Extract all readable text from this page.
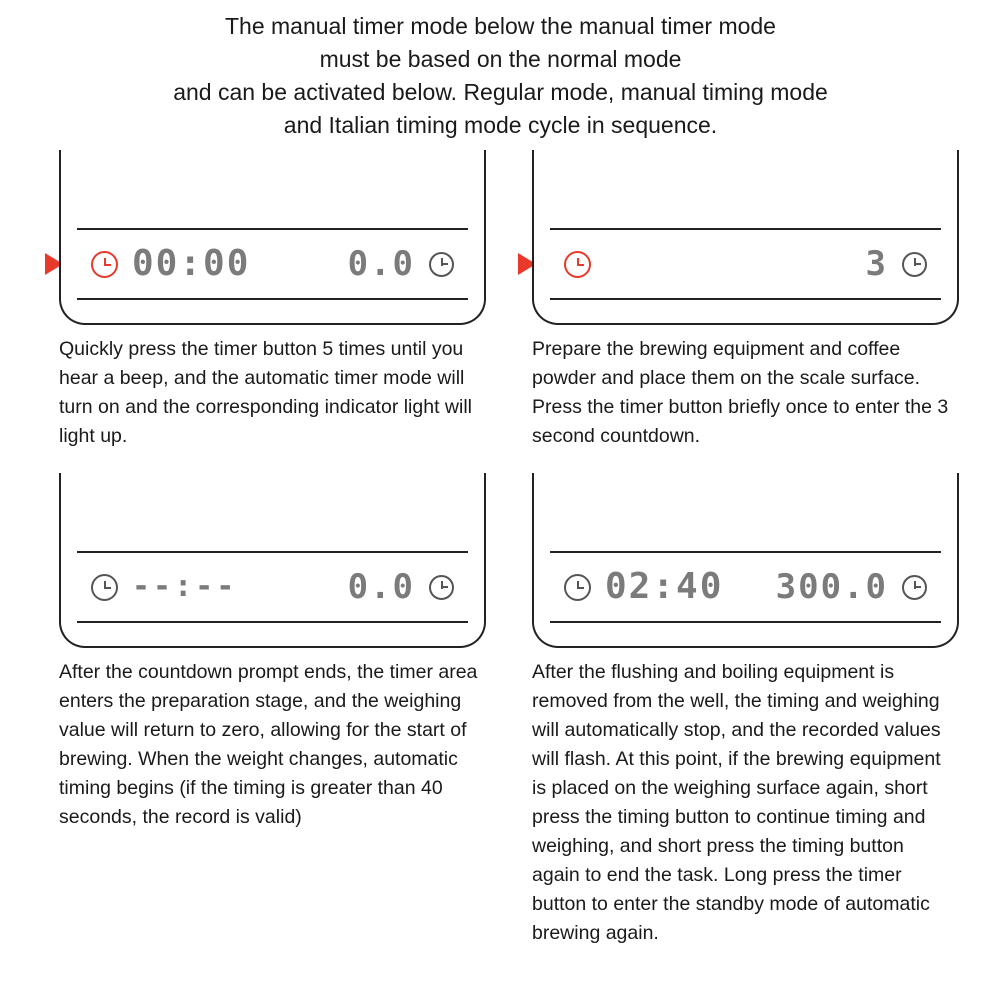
The manual timer mode below the manual timer mode
must be based on the normal mode
and can be activated below. Regular mode, manual timing mode
and Italian timing mode cycle in sequence.
00:00	0.0
Quickly press the timer button 5 times until you hear a beep, and the automatic timer mode will turn on and the corresponding indicator light will light up.
3
Prepare the brewing equipment and coffee powder and place them on the scale surface. Press the timer button briefly once to enter the 3 second countdown.
--:--	0.0
After the countdown prompt ends, the timer area enters the preparation stage, and the weighing value will return to zero, allowing for the start of brewing. When the weight changes, automatic timing begins (if the timing is greater than 40 seconds, the record is valid)
02:40 300.0
After the flushing and boiling equipment is removed from the well, the timing and weighing will automatically stop, and the recorded values will flash. At this point, if the brewing equipment is placed on the weighing surface again, short press the timing button to continue timing and weighing, and short press the timing button again to end the task. Long press the timer button to enter the standby mode of automatic brewing again.
